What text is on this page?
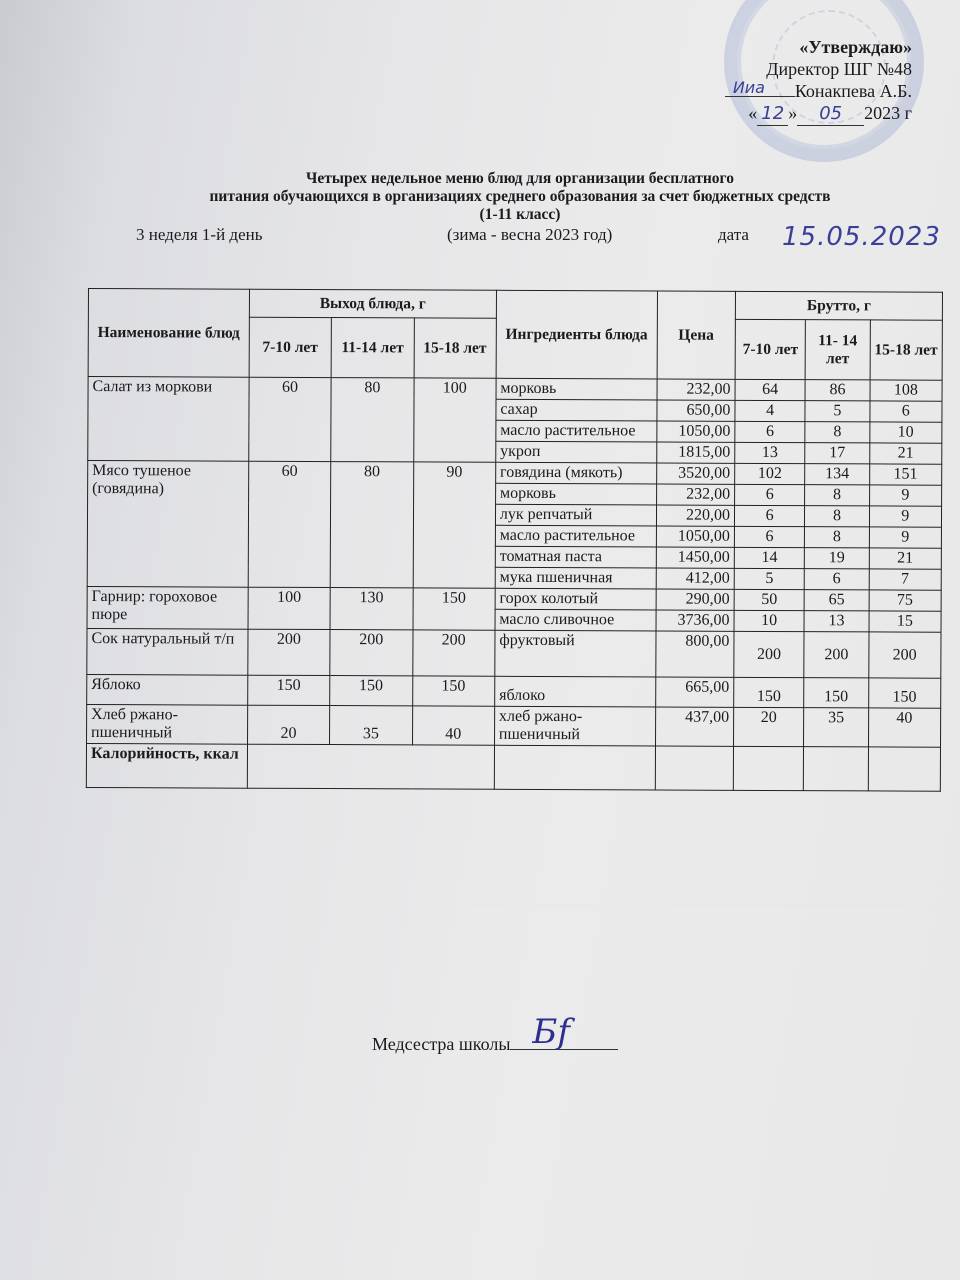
«Утверждаю»
Директор ШГ №48
Ииа Конакпева А.Б.
« 12 » 05 2023 г
Четырех недельное меню блюд для организации бесплатного
питания обучающихся в организациях среднего образования за счет бюджетных средств
(1-11 класс)
3 неделя 1-й день	(зима - весна 2023 год)	дата 15.05.2023
Наименование блюд	Выход блюда, г			Ингредиенты блюда	Цена	Брутто, г		
	7-10 лет	11-14 лет	15-18 лет			7-10 лет	11- 14 лет	15-18 лет
Салат из моркови	60	80	100	морковь	232,00	64	86	108
				сахар	650,00	4	5	6
				масло растительное	1050,00	6	8	10
				укроп	1815,00	13	17	21
Мясо тушеное (говядина)	60	80	90	говядина (мякоть)	3520,00	102	134	151
				морковь	232,00	6	8	9
				лук репчатый	220,00	6	8	9
				масло растительное	1050,00	6	8	9
				томатная паста	1450,00	14	19	21
				мука пшеничная	412,00	5	6	7
Гарнир: гороховое пюре	100	130	150	горох колотый	290,00	50	65	75
				масло сливочное	3736,00	10	13	15
Сок натуральный т/п	200	200	200	фруктовый	800,00	200	200	200
Яблоко	150	150	150	яблоко	665,00	150	150	150
Хлеб ржано-пшеничный	20	35	40	хлеб ржано-пшеничный	437,00	20	35	40
Калорийность, ккал								
Медсестра школы Бf
